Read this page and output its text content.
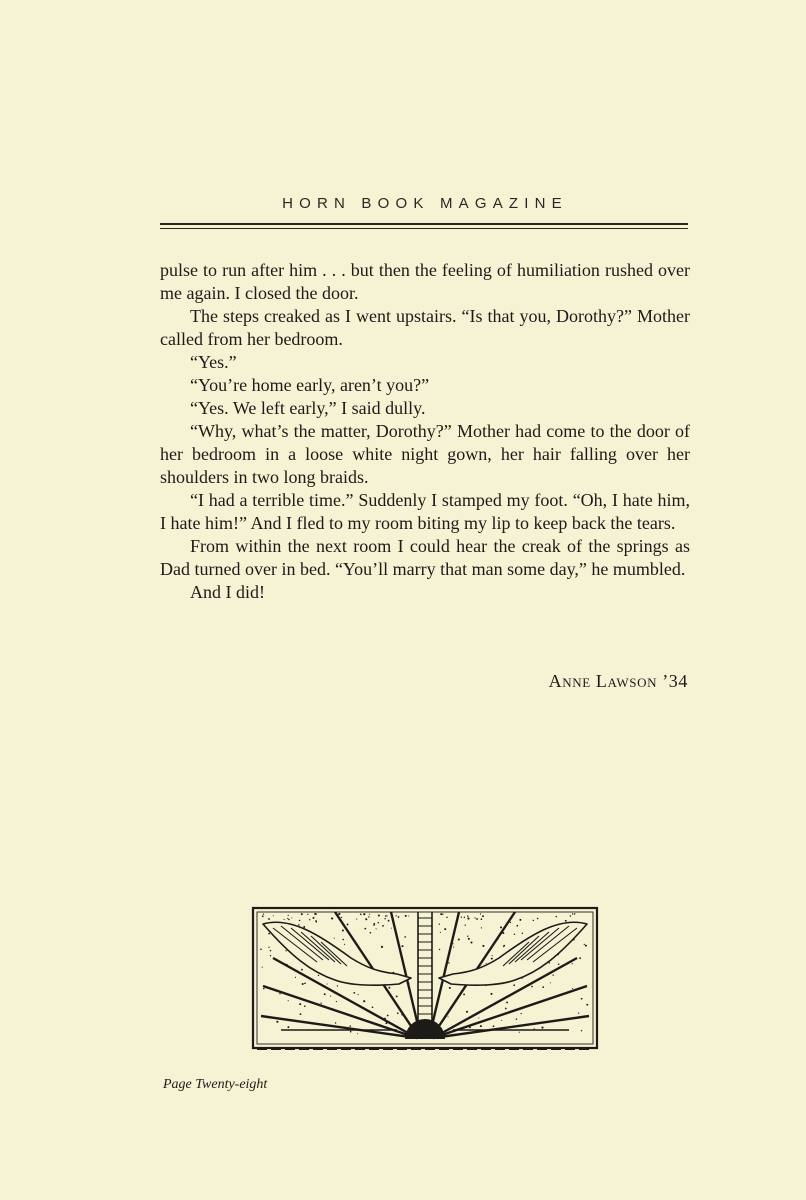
HORN BOOK MAGAZINE

pulse to run after him . . . but then the feeling of humiliation rushed over me again. I closed the door.

The steps creaked as I went upstairs. “Is that you, Dorothy?” Mother called from her bedroom.

“Yes.”

“You’re home early, aren’t you?”

“Yes. We left early,” I said dully.

“Why, what’s the matter, Dorothy?” Mother had come to the door of her bedroom in a loose white night gown, her hair falling over her shoulders in two long braids.

“I had a terrible time.” Suddenly I stamped my foot. “Oh, I hate him, I hate him!” And I fled to my room biting my lip to keep back the tears.

From within the next room I could hear the creak of the springs as Dad turned over in bed. “You’ll marry that man some day,” he mumbled.

And I did!

Anne Lawson ’34
Page Twenty-eight
